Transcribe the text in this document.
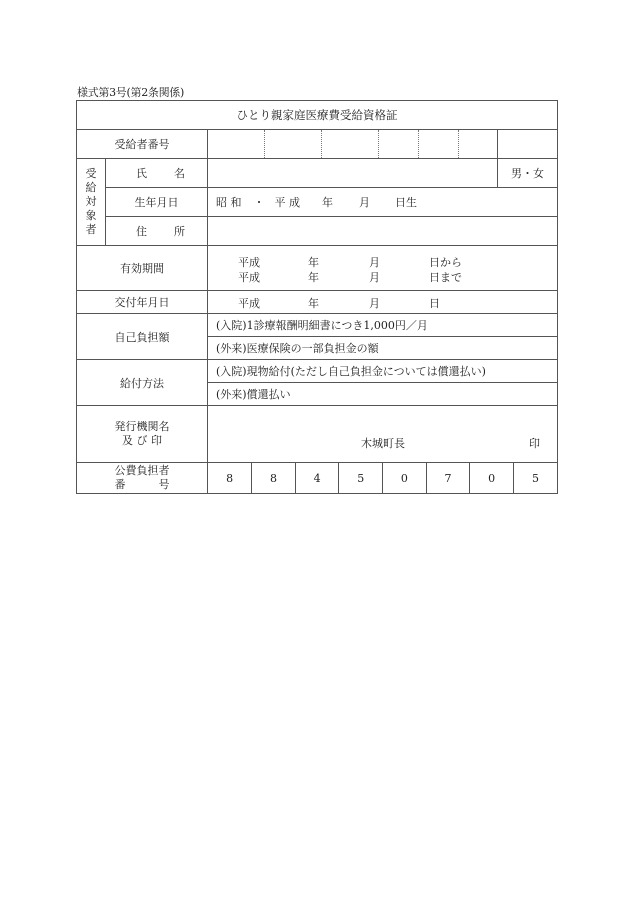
様式第3号(第2条関係)
ひとり親家庭医療費受給資格証
受給者番号							

受
給
対
象
者

氏 名		男・女
生年月日	昭 和 ・ 平 成 年 月 日生

住 所

有効期間	平成	年	月	日から
平成	年	月	日まで

交付年月日	平成	年	月	日

自己負担額	(入院)1診療報酬明細書につき1,000円／月
(外来)医療保険の一部負担金の額
給付方法	(入院)現物給付(ただし自己負担金については償還払い)
(外来)償還払い

発行機関名
及 び 印	木城町長	印

公費負担者
番　　　号
		8	8	4	5	0	7	0	5
